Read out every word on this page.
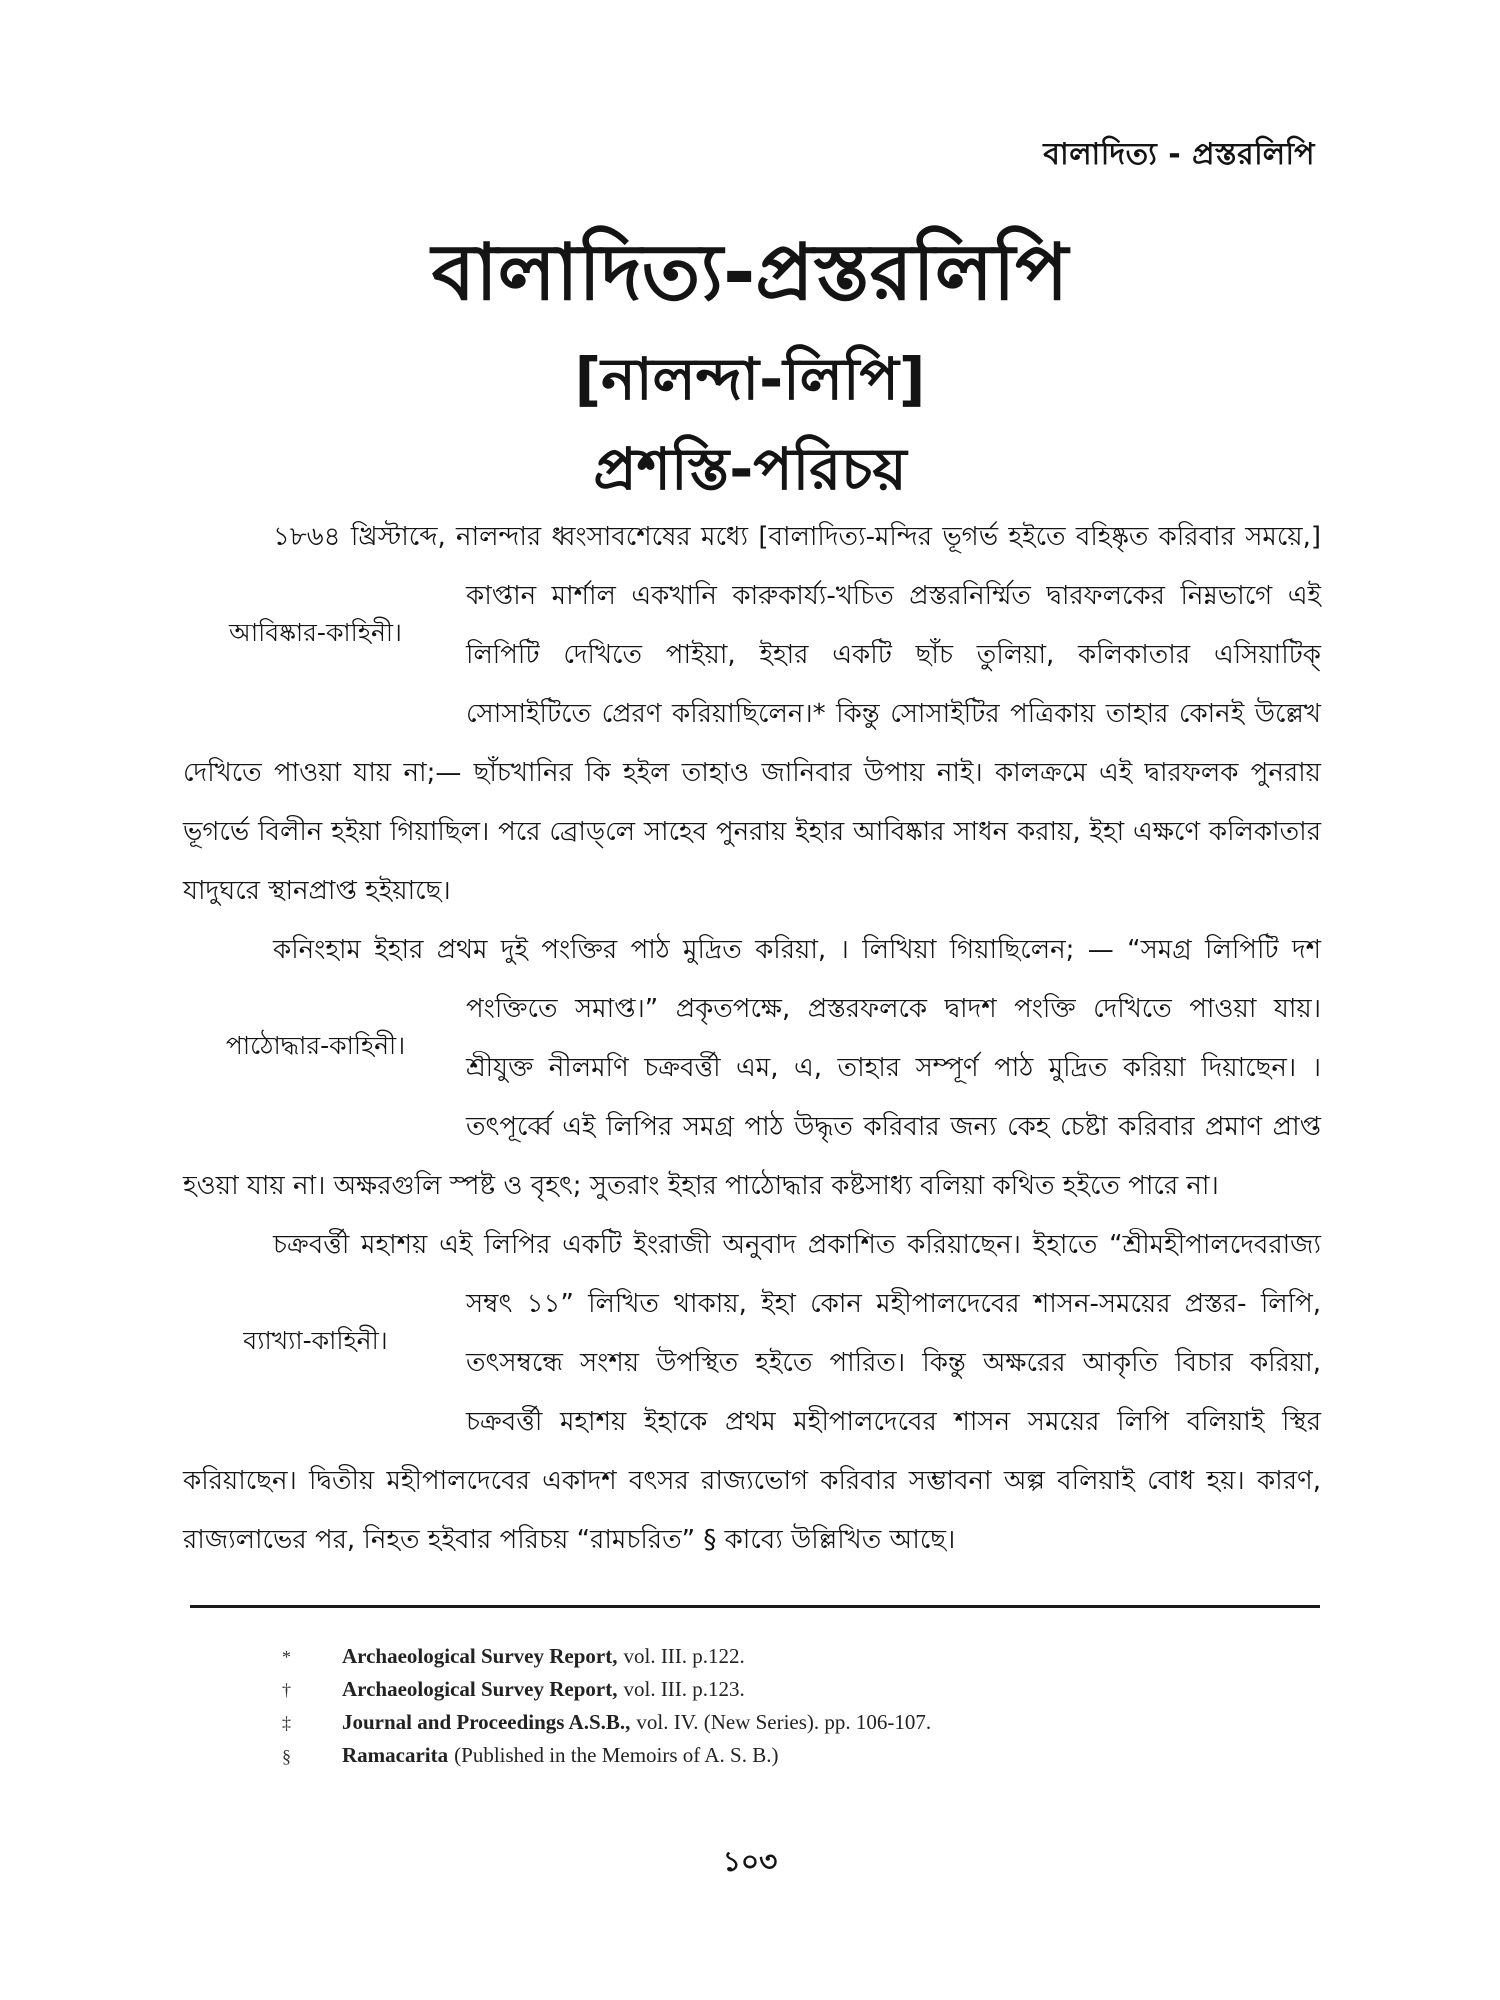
বালাদিত্য - প্রস্তরলিপি
বালাদিত্য-প্রস্তরলিপি
[নালন্দা-লিপি]
প্রশস্তি-পরিচয়

১৮৬৪ খ্রিস্টাব্দে, নালন্দার ধ্বংসাবশেষের মধ্যে [বালাদিত্য-মন্দির ভূগর্ভ হইতে বহিষ্কৃত করিবার সময়ে,] কাপ্তান মার্শাল একখানি কারুকার্য্য-খচিত প্রস্তরনির্ম্মিত দ্বারফলকের নিম্নভাগে
আবিষ্কার-কাহিনী।
এই লিপিটি দেখিতে পাইয়া, ইহার একটি ছাঁচ তুলিয়া, কলিকাতার এসিয়াটিক্ সোসাইটিতে প্রেরণ করিয়াছিলেন।* কিন্তু সোসাইটির পত্রিকায় তাহার কোনই উল্লেখ দেখিতে পাওয়া যায় না;— ছাঁচখানির কি হইল তাহাও জানিবার উপায় নাই। কালক্রমে এই দ্বারফলক পুনরায় ভূগর্ভে বিলীন হইয়া গিয়াছিল। পরে ব্রোড্‌লে সাহেব পুনরায় ইহার আবিষ্কার সাধন করায়, ইহা এক্ষণে কলিকাতার যাদুঘরে স্থানপ্রাপ্ত হইয়াছে।

কনিংহাম ইহার প্রথম দুই পংক্তির পাঠ মুদ্রিত করিয়া, । লিখিয়া গিয়াছিলেন; — “সমগ্র লিপিটি দশ পংক্তিতে সমাপ্ত।” প্রকৃতপক্ষে, প্রস্তরফলকে দ্বাদশ পংক্তি দেখিতে পাওয়া যায়।
পাঠোদ্ধার-কাহিনী।
শ্রীযুক্ত নীলমণি চক্রবর্ত্তী এম, এ, তাহার সম্পূর্ণ পাঠ মুদ্রিত করিয়া দিয়াছেন। । তৎপূর্ব্বে এই লিপির সমগ্র পাঠ উদ্ধৃত করিবার জন্য কেহ চেষ্টা করিবার প্রমাণ প্রাপ্ত হওয়া যায় না। অক্ষরগুলি স্পষ্ট ও বৃহৎ; সুতরাং ইহার পাঠোদ্ধার কষ্টসাধ্য বলিয়া কথিত হইতে পারে না।

চক্রবর্ত্তী মহাশয় এই লিপির একটি ইংরাজী অনুবাদ প্রকাশিত করিয়াছেন। ইহাতে “শ্রীমহীপালদেবরাজ্য সম্বৎ ১১” লিখিত থাকায়, ইহা কোন মহীপালদেবের শাসন-সময়ের প্রস্তর-
ব্যাখ্যা-কাহিনী।
লিপি, তৎসম্বন্ধে সংশয় উপস্থিত হইতে পারিত। কিন্তু অক্ষরের আকৃতি বিচার করিয়া, চক্রবর্ত্তী মহাশয় ইহাকে প্রথম মহীপালদেবের শাসন সময়ের লিপি বলিয়াই স্থির করিয়াছেন। দ্বিতীয় মহীপালদেবের একাদশ বৎসর রাজ্যভোগ করিবার সম্ভাবনা অল্প বলিয়াই বোধ হয়। কারণ, রাজ্যলাভের পর, নিহত হইবার পরিচয় “রামচরিত” § কাব্যে উল্লিখিত আছে।

*	Archaeological Survey Report, vol. III. p.122.
†	Archaeological Survey Report, vol. III. p.123.
‡	Journal and Proceedings A.S.B., vol. IV. (New Series). pp. 106-107.
§	Ramacarita (Published in the Memoirs of A. S. B.)
১০৩
